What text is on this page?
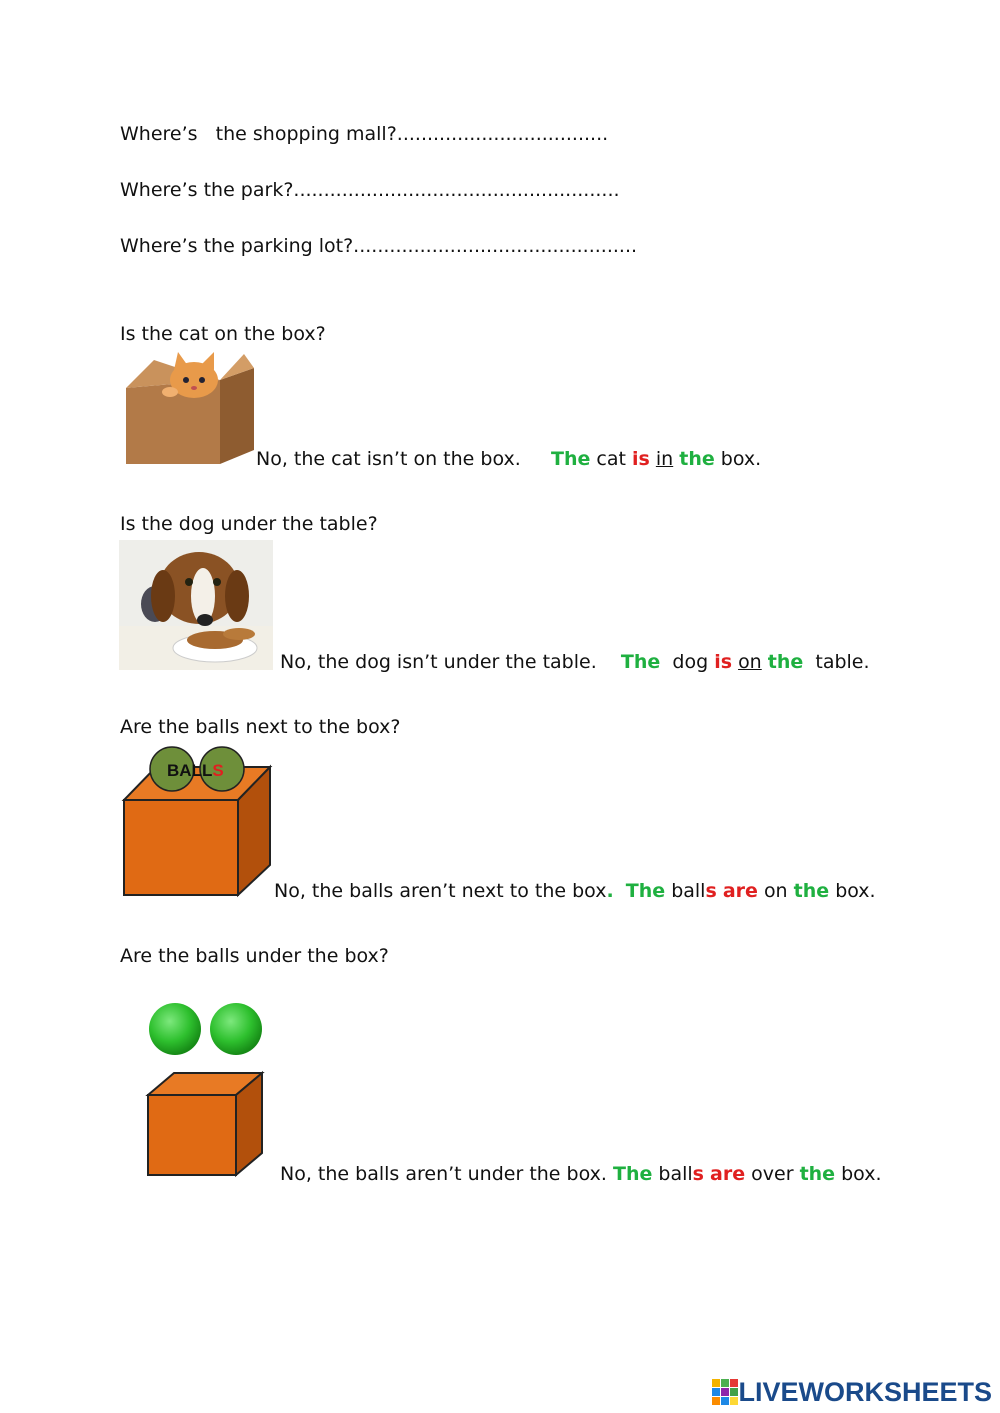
Where’s   the shopping mall?...................................
Where’s the park?......................................................
Where’s the parking lot?...............................................
Is the cat on the box?
No, the cat isn’t on the box. The cat is in the box.
Is the dog under the table?
No, the dog isn’t under the table. The dog is on the table.
Are the balls next to the box?
BALLS
No, the balls aren’t next to the box. The balls are on the box.
Are the balls under the box?
No, the balls aren’t under the box. The balls are over the box.
LIVEWORKSHEETS
